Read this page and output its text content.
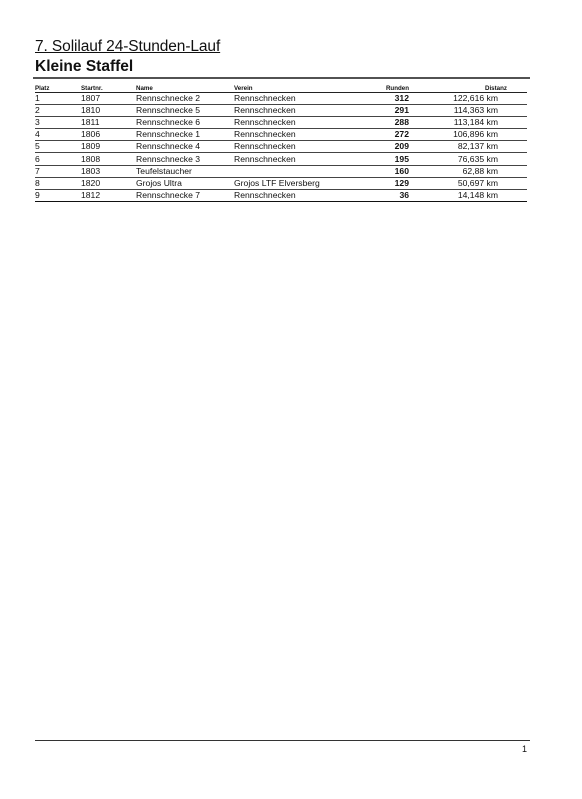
7. Solilauf 24-Stunden-Lauf
Kleine Staffel
Platz	Startnr.	Name	Verein	Runden	Distanz
1	1807	Rennschnecke 2	Rennschnecken	312	122,616 km
2	1810	Rennschnecke 5	Rennschnecken	291	114,363 km
3	1811	Rennschnecke 6	Rennschnecken	288	113,184 km
4	1806	Rennschnecke 1	Rennschnecken	272	106,896 km
5	1809	Rennschnecke 4	Rennschnecken	209	82,137 km
6	1808	Rennschnecke 3	Rennschnecken	195	76,635 km
7	1803	Teufelstaucher		160	62,88 km
8	1820	Grojos Ultra	Grojos LTF Elversberg	129	50,697 km
9	1812	Rennschnecke 7	Rennschnecken	36	14,148 km
1
